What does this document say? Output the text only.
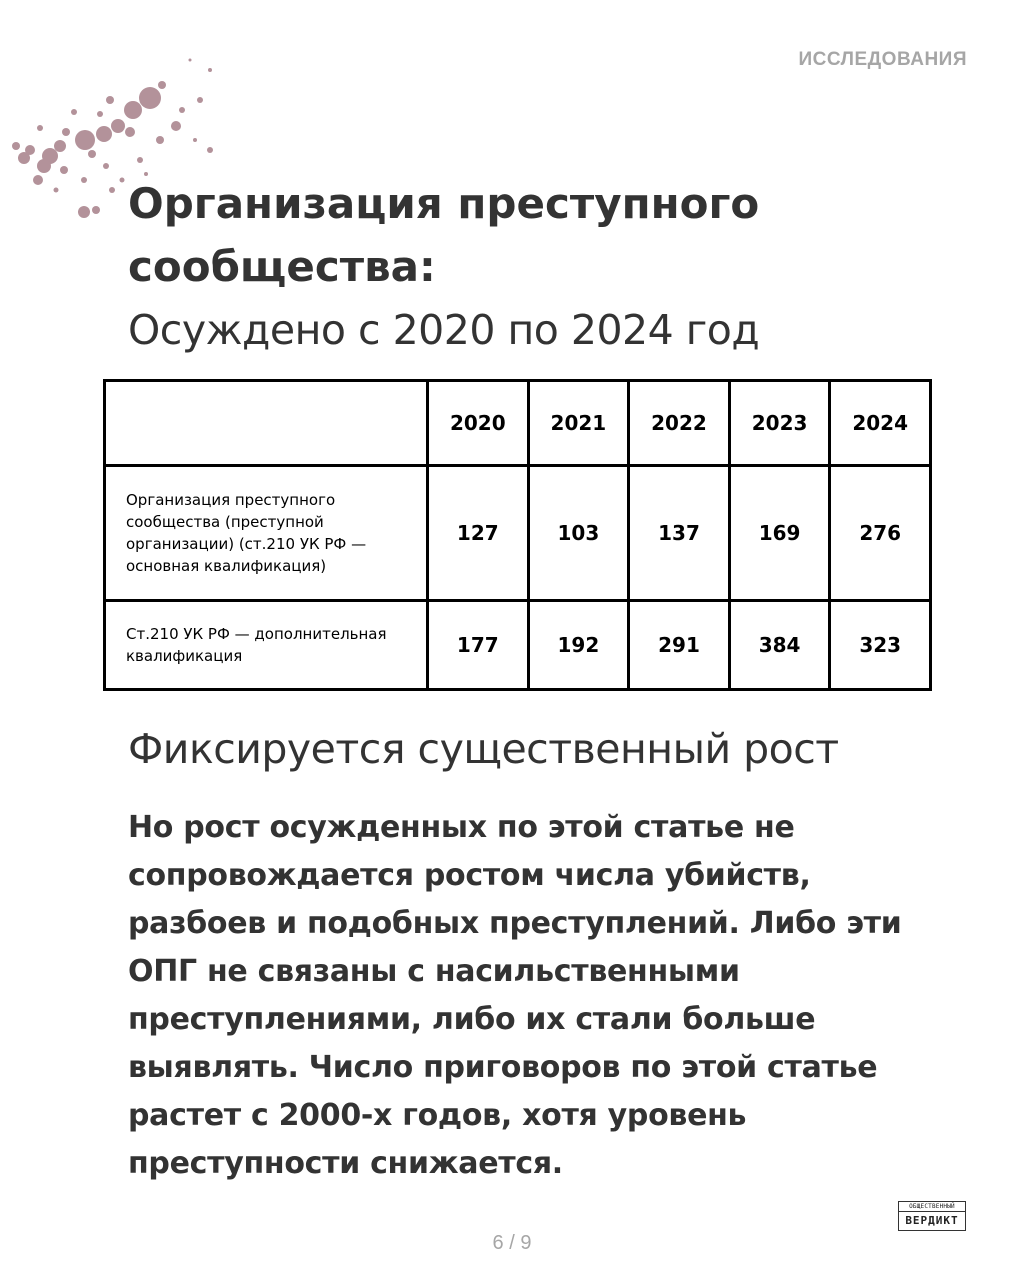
ИССЛЕДОВАНИЯ
Организация преступного сообщества:
Осуждено с 2020 по 2024 год
	2020	2021	2022	2023	2024
Организация преступного сообщества (преступной организации) (ст.210 УК РФ — основная квалификация)	127	103	137	169	276
Ст.210 УК РФ — дополнительная квалификация	177	192	291	384	323
Фиксируется существенный рост

Но рост осужденных по этой статье не сопровождается ростом числа убийств, разбоев и подобных преступлений. Либо эти ОПГ не связаны с насильственными преступлениями, либо их стали больше выявлять. Число приговоров по этой статье растет с 2000-х годов, хотя уровень преступности снижается.

ОБЩЕСТВЕННЫЙ
ВЕРДИКТ
6 / 9
